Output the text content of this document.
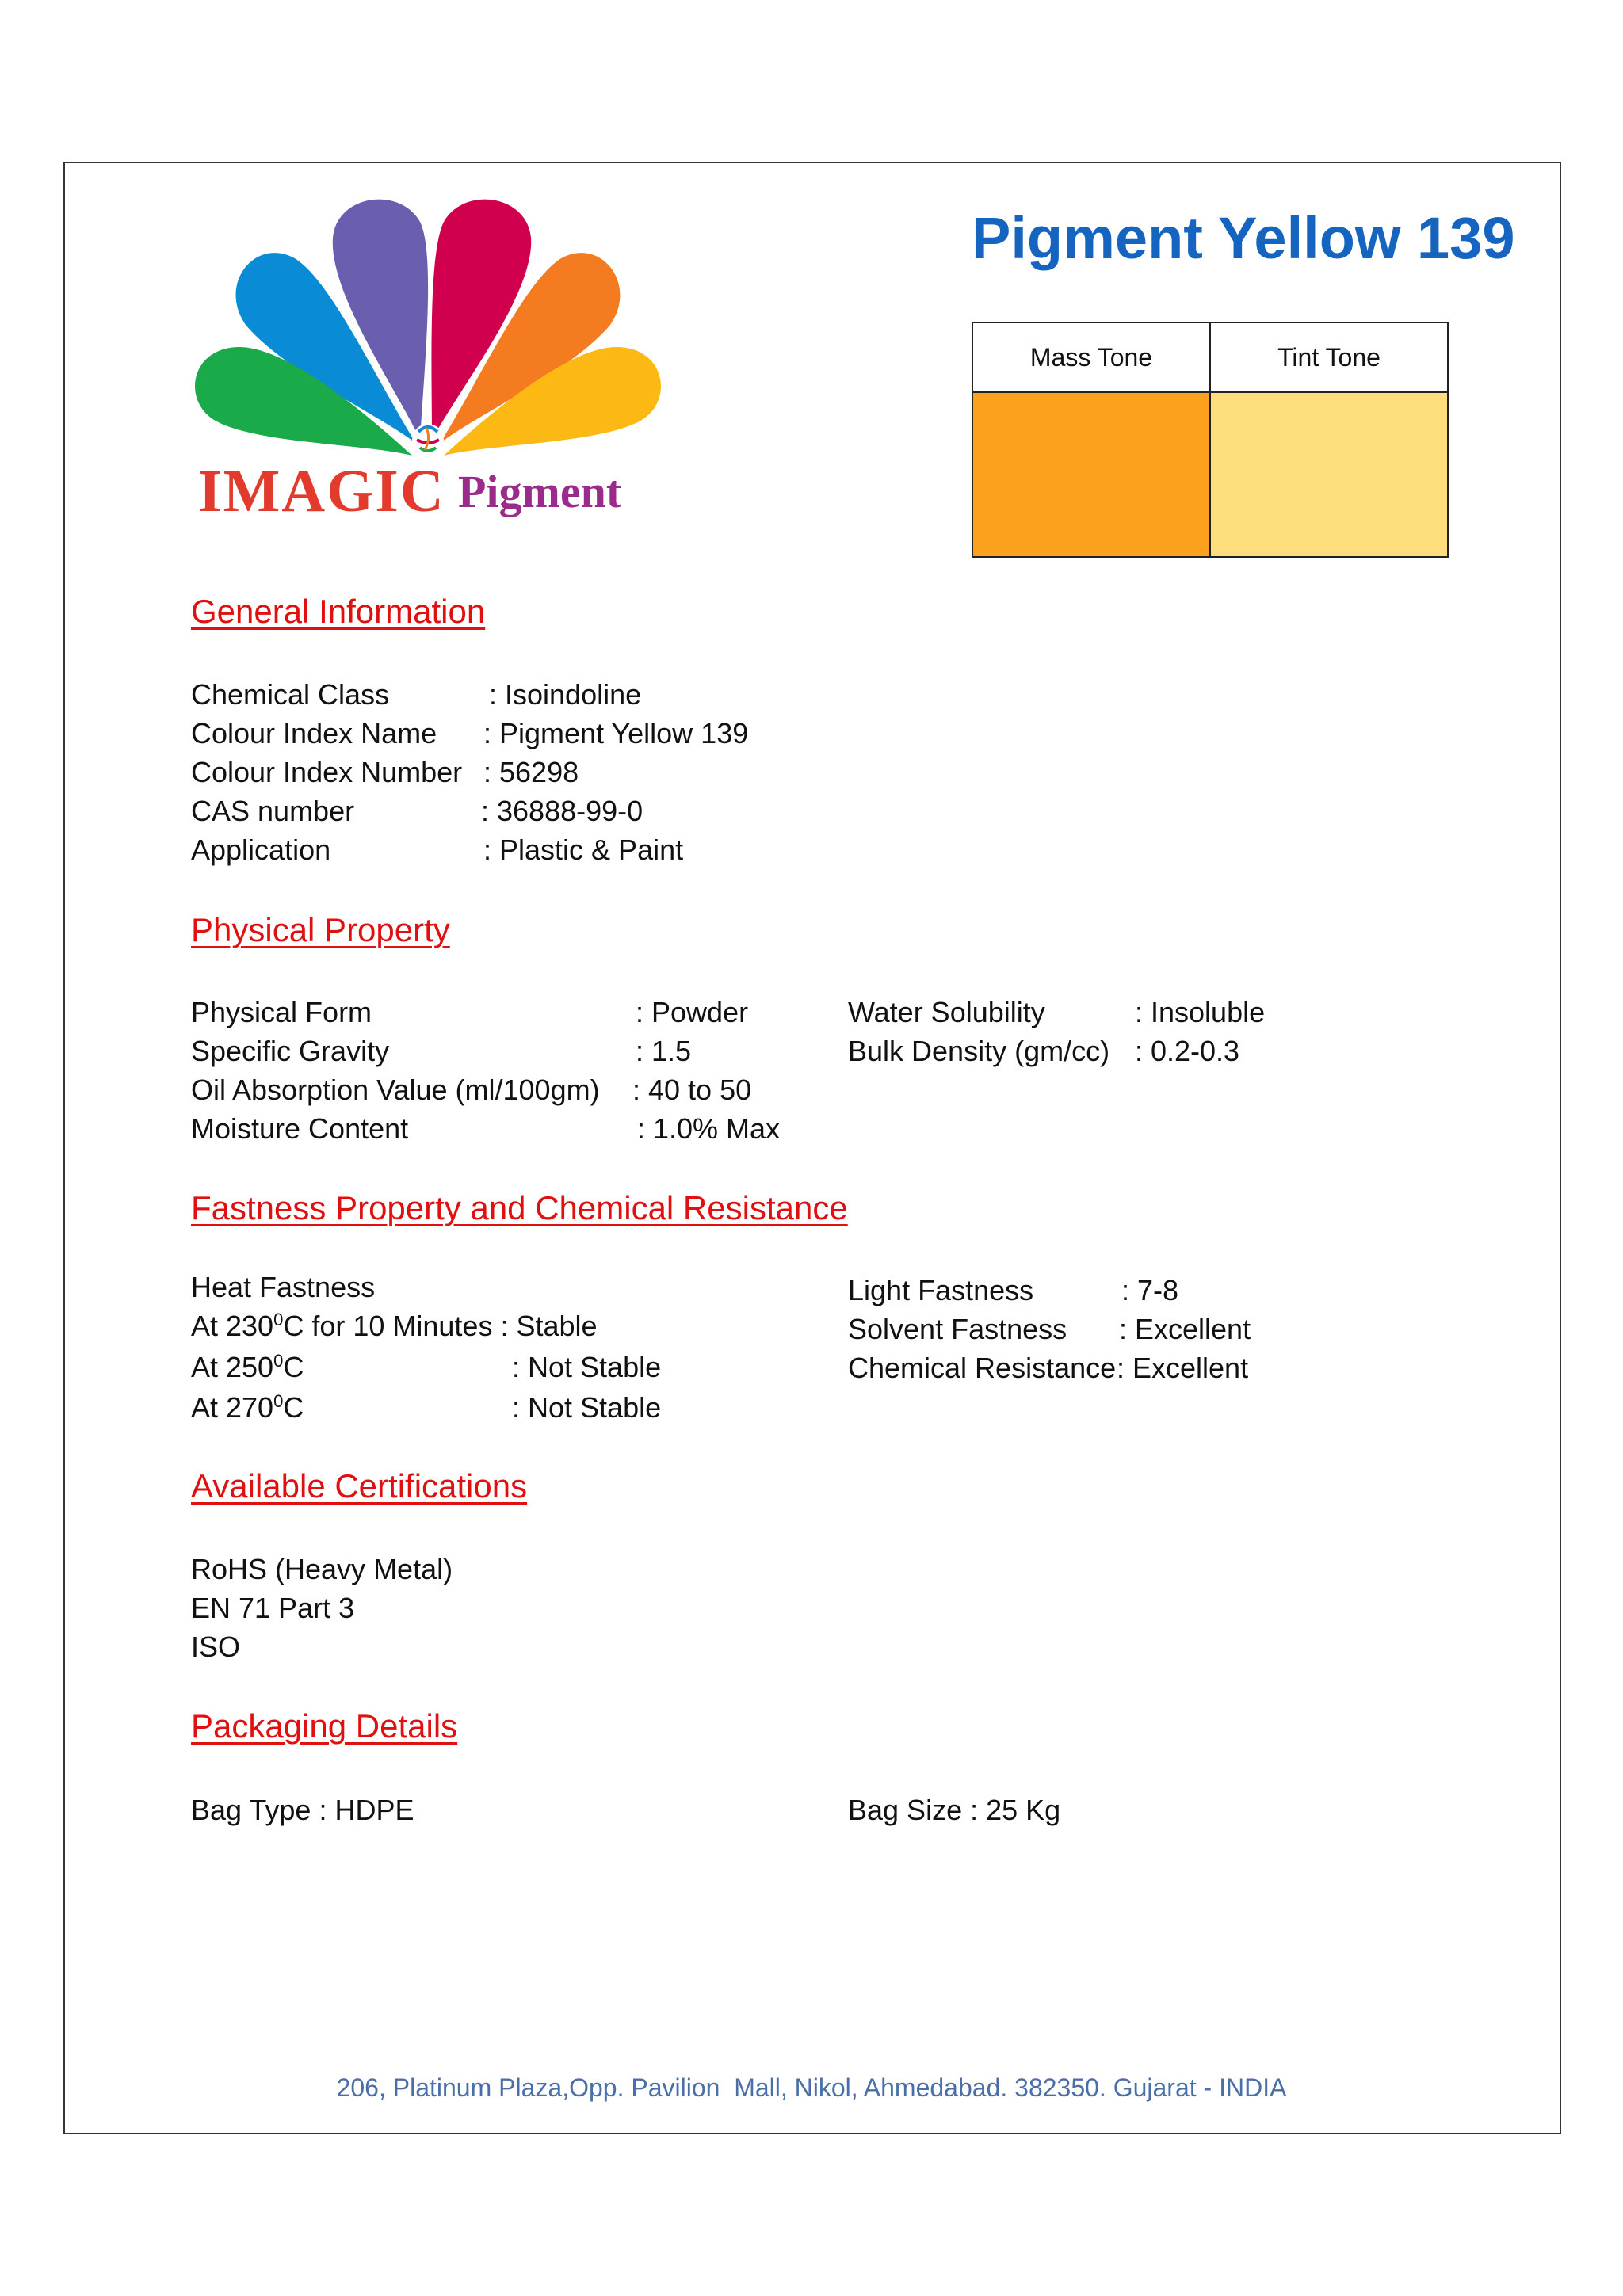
IMAGIC Pigment
Pigment Yellow 139
Mass Tone	Tint Tone

General Information
Chemical Class	: Isoindoline
Colour Index Name : Pigment Yellow 139
Colour Index Number : 56298
CAS number	: 36888-99-0
Application	: Plastic & Paint
Physical Property
Physical Form	: Powder
Specific Gravity	: 1.5
Oil Absorption Value (ml/100gm) : 40 to 50
Moisture Content	: 1.0% Max
Water Solubility	: Insoluble
Bulk Density (gm/cc) : 0.2-0.3
Fastness Property and Chemical Resistance
Heat Fastness
At $230^0C$ for 10 Minutes : Stable
At $250^0C$	: Not Stable
At $270^0C$	: Not Stable
Light Fastness	: 7-8
Solvent Fastness : Excellent
Chemical Resistance : Excellent
Available Certifications
RoHS (Heavy Metal)
EN 71 Part 3
ISO
Packaging Details
Bag Type : HDPE	Bag Size : 25 Kg
206, Platinum Plaza,Opp. Pavilion  Mall, Nikol, Ahmedabad. 382350. Gujarat - INDIA
